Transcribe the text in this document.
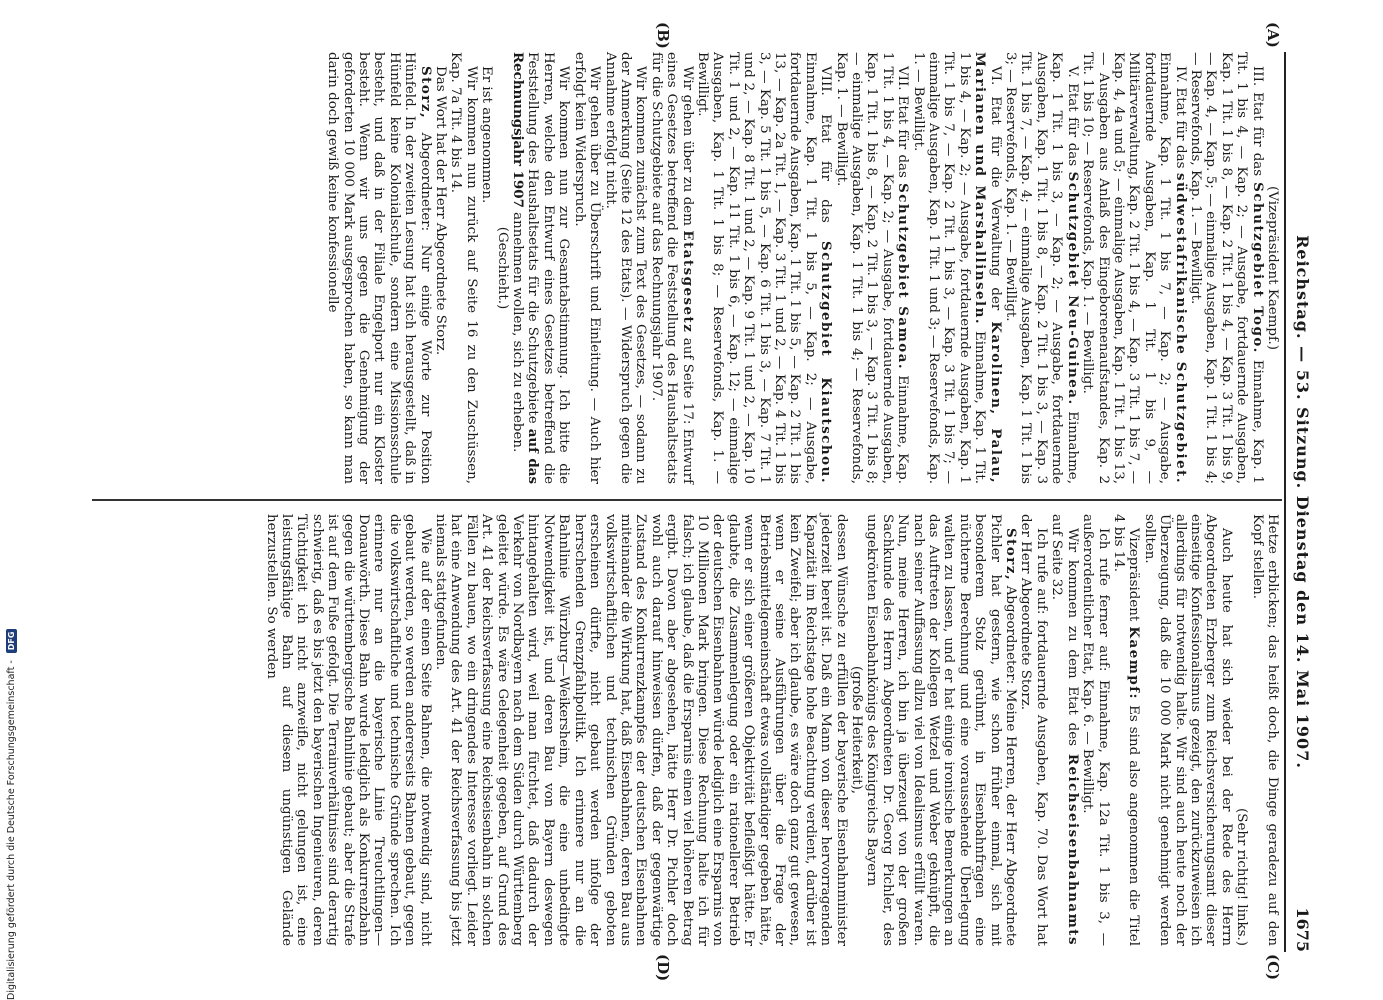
Reichstag. — 53. Sitzung. Dienstag den 14. Mai 1907.
1675
(A)
(B)
(C)
(D)

(Vizepräsident Kaempf.)

III. Etat für das Schutzgebiet Togo. Einnahme, Kap. 1 Tit. 1 bis 4, — Kap. 2; — Ausgabe, fortdauernde Ausgaben, Kap. 1 Tit. 1 bis 8, — Kap. 2 Tit. 1 bis 4, — Kap. 3 Tit. 1 bis 9, — Kap. 4, — Kap. 5; — einmalige Ausgaben, Kap. 1 Tit. 1 bis 4; — Reservefonds, Kap. 1. — Bewilligt.

IV. Etat für das südwestafrikanische Schutzgebiet. Einnahme, Kap. 1 Tit. 1 bis 7, — Kap. 2; — Ausgabe, fortdauernde Ausgaben, Kap. 1 Tit. 1 bis 9, — Militärverwaltung, Kap. 2 Tit. 1 bis 4, — Kap. 3 Tit. 1 bis 7, — Kap. 4, 4a und 5; — einmalige Ausgaben, Kap. 1 Tit. 1 bis 13, — Ausgaben aus Anlaß des Eingeborenenaufstandes, Kap. 2 Tit. 1 bis 10; — Reservefonds, Kap. 1. — Bewilligt.

V. Etat für das Schutzgebiet Neu-Guinea. Einnahme, Kap. 1 Tit. 1 bis 3, — Kap. 2; — Ausgabe, fortdauernde Ausgaben, Kap. 1 Tit. 1 bis 8, — Kap. 2 Tit. 1 bis 3, — Kap. 3 Tit. 1 bis 7, — Kap. 4; — einmalige Ausgaben, Kap. 1 Tit. 1 bis 3; — Reservefonds, Kap. 1. — Bewilligt.

VI. Etat für die Verwaltung der Karolinen, Palau, Marianen und Marshallinseln. Einnahme, Kap. 1 Tit. 1 bis 4, — Kap. 2; — Ausgabe, fortdauernde Ausgaben, Kap. 1 Tit. 1 bis 7, — Kap. 2 Tit. 1 bis 3, — Kap. 3 Tit. 1 bis 7; — einmalige Ausgaben, Kap. 1 Tit. 1 und 3; — Reservefonds, Kap. 1. — Bewilligt.

VII. Etat für das Schutzgebiet Samoa. Einnahme, Kap. 1 Tit. 1 bis 4, — Kap. 2; — Ausgabe, fortdauernde Ausgaben, Kap. 1 Tit. 1 bis 8, — Kap. 2 Tit. 1 bis 3, — Kap. 3 Tit. 1 bis 8; — einmalige Ausgaben, Kap. 1 Tit. 1 bis 4; — Reservefonds, Kap. 1. — Bewilligt.

VIII. Etat für das Schutzgebiet Kiautschou. Einnahme, Kap. 1 Tit. 1 bis 5, — Kap. 2; — Ausgabe, fortdauernde Ausgaben, Kap. 1 Tit. 1 bis 5, — Kap. 2 Tit. 1 bis 13, — Kap. 2a Tit. 1, — Kap. 3 Tit. 1 und 2, — Kap. 4 Tit. 1 bis 3, — Kap. 5 Tit. 1 bis 5, — Kap. 6 Tit. 1 bis 3, — Kap. 7 Tit. 1 und 2, — Kap. 8 Tit. 1 und 2, — Kap. 9 Tit. 1 und 2, — Kap. 10 Tit. 1 und 2, — Kap. 11 Tit. 1 bis 6, — Kap. 12; — einmalige Ausgaben, Kap. 1 Tit. 1 bis 8; — Reservefonds, Kap. 1. — Bewilligt.

Wir gehen über zu dem Etatsgesetz auf Seite 17: Entwurf eines Gesetzes betreffend die Feststellung des Haushaltsetats für die Schutzgebiete auf das Rechnungsjahr 1907.

Wir kommen zunächst zum Text des Gesetzes, — sodann zu der Anmerkung (Seite 12 des Etats). — Widerspruch gegen die Annahme erfolgt nicht.

Wir gehen über zu Überschrift und Einleitung. — Auch hier erfolgt kein Widerspruch.

Wir kommen nun zur Gesamtabstimmung. Ich bitte die Herren, welche den Entwurf eines Gesetzes betreffend die Feststellung des Haushaltsetats für die Schutzgebiete auf das Rechnungsjahr 1907 annehmen wollen, sich zu erheben.

(Geschieht.)

Er ist angenommen.

Wir kommen nun zurück auf Seite 16 zu den Zuschüssen, Kap. 7a Tit. 4 bis 14.

Das Wort hat der Herr Abgeordnete Storz.

Storz, Abgeordneter: Nur einige Worte zur Position Hünfeld. In der zweiten Lesung hat sich herausgestellt, daß in Hünfeld keine Kolonialschule, sondern eine Missionsschule besteht, und daß in der Filiale Engelport nur ein Kloster besteht. Wenn wir uns gegen die Genehmigung der geforderten 10 000 Mark ausgesprochen haben, so kann man darin doch gewiß keine konfessionelle

Hetze erblicken; das heißt doch, die Dinge geradezu auf den Kopf stellen.

(Sehr richtig! links.)

Auch heute hat sich wieder bei der Rede des Herrn Abgeordneten Erzberger zum Reichsversicherungsamt dieser einseitige Konfessionalismus gezeigt, den zurückzuweisen ich allerdings für notwendig halte. Wir sind auch heute noch der Überzeugung, daß die 10 000 Mark nicht genehmigt werden sollten.

Vizepräsident Kaempf: Es sind also angenommen die Titel 4 bis 14.

Ich rufe ferner auf: Einnahme, Kap. 12a Tit. 1 bis 3, — außerordentlicher Etat, Kap. 6. — Bewilligt.

Wir kommen zu dem Etat des Reichseisenbahnamts auf Seite 32.

Ich rufe auf: fortdauernde Ausgaben, Kap. 70. Das Wort hat der Herr Abgeordnete Storz.

Storz, Abgeordneter: Meine Herren, der Herr Abgeordnete Pichler hat gestern, wie schon früher einmal, sich mit besonderem Stolz gerühmt, in Eisenbahnfragen eine nüchterne Berechnung und eine voraussehende Überlegung walten zu lassen, und er hat einige ironische Bemerkungen an das Auftreten der Kollegen Wetzel und Weber geknüpft, die nach seiner Auffassung allzu viel von Idealismus erfüllt waren. Nun, meine Herren, ich bin ja überzeugt von der großen Sachkunde des Herrn Abgeordneten Dr. Georg Pichler, des ungekrönten Eisenbahnkönigs des Königreichs Bayern

(große Heiterkeit),

dessen Wünsche zu erfüllen der bayerische Eisenbahnminister jederzeit bereit ist. Daß ein Mann von dieser hervorragenden Kapazität im Reichstage hohe Beachtung verdient, darüber ist kein Zweifel; aber ich glaube, es wäre doch ganz gut gewesen, wenn er seine Ausführungen über die Frage der Betriebsmittelgemeinschaft etwas vollständiger gegeben hätte, wenn er sich einer größeren Objektivität befleißigt hätte. Er glaubte, die Zusammenlegung oder ein rationellerer Betrieb der deutschen Eisenbahnen würde lediglich eine Ersparnis von 10 Millionen Mark bringen. Diese Rechnung halte ich für falsch; ich glaube, daß die Ersparnis einen viel höheren Betrag ergibt. Davon aber abgesehen, hätte Herr Dr. Pichler doch wohl auch darauf hinweisen dürfen, daß der gegenwärtige Zustand des Konkurrenzkampfes der deutschen Eisenbahnen miteinander die Wirkung hat, daß Eisenbahnen, deren Bau aus volkswirtschaftlichen und technischen Gründen geboten erscheinen dürfte, nicht gebaut werden infolge der herrschenden Grenzpfahlpolitik. Ich erinnere nur an die Bahnlinie Würzburg—Weikersheim, die eine unbedingte Notwendigkeit ist, und deren Bau von Bayern deswegen hintangehalten wird, weil man fürchtet, daß dadurch der Verkehr von Nordbayern nach dem Süden durch Württemberg geleitet würde. Es wäre Gelegenheit gegeben, auf Grund des Art. 41 der Reichsverfassung eine Reichseisenbahn in solchen Fällen zu bauen, wo ein dringendes Interesse vorliegt. Leider hat eine Anwendung des Art. 41 der Reichsverfassung bis jetzt niemals stattgefunden.

Wie auf der einen Seite Bahnen, die notwendig sind, nicht gebaut werden, so werden andererseits Bahnen gebaut, gegen die volkswirtschaftliche und technische Gründe sprechen. Ich erinnere nur an die bayerische Linie Treuchtlingen—Donauwörth. Diese Bahn wurde lediglich als Konkurrenzbahn gegen die württembergische Bahnlinie gebaut; aber die Strafe ist auf dem Fuße gefolgt. Die Terrainverhältnisse sind derartig schwierig, daß es bis jetzt den bayerischen Ingenieuren, deren Tüchtigkeit ich nicht anzweifle, nicht gelungen ist, eine leistungsfähige Bahn auf diesem ungünstigen Gelände herzustellen. So werden

Digitalisierung gefördert durch die Deutsche Forschungsgemeinschaft - DFG
